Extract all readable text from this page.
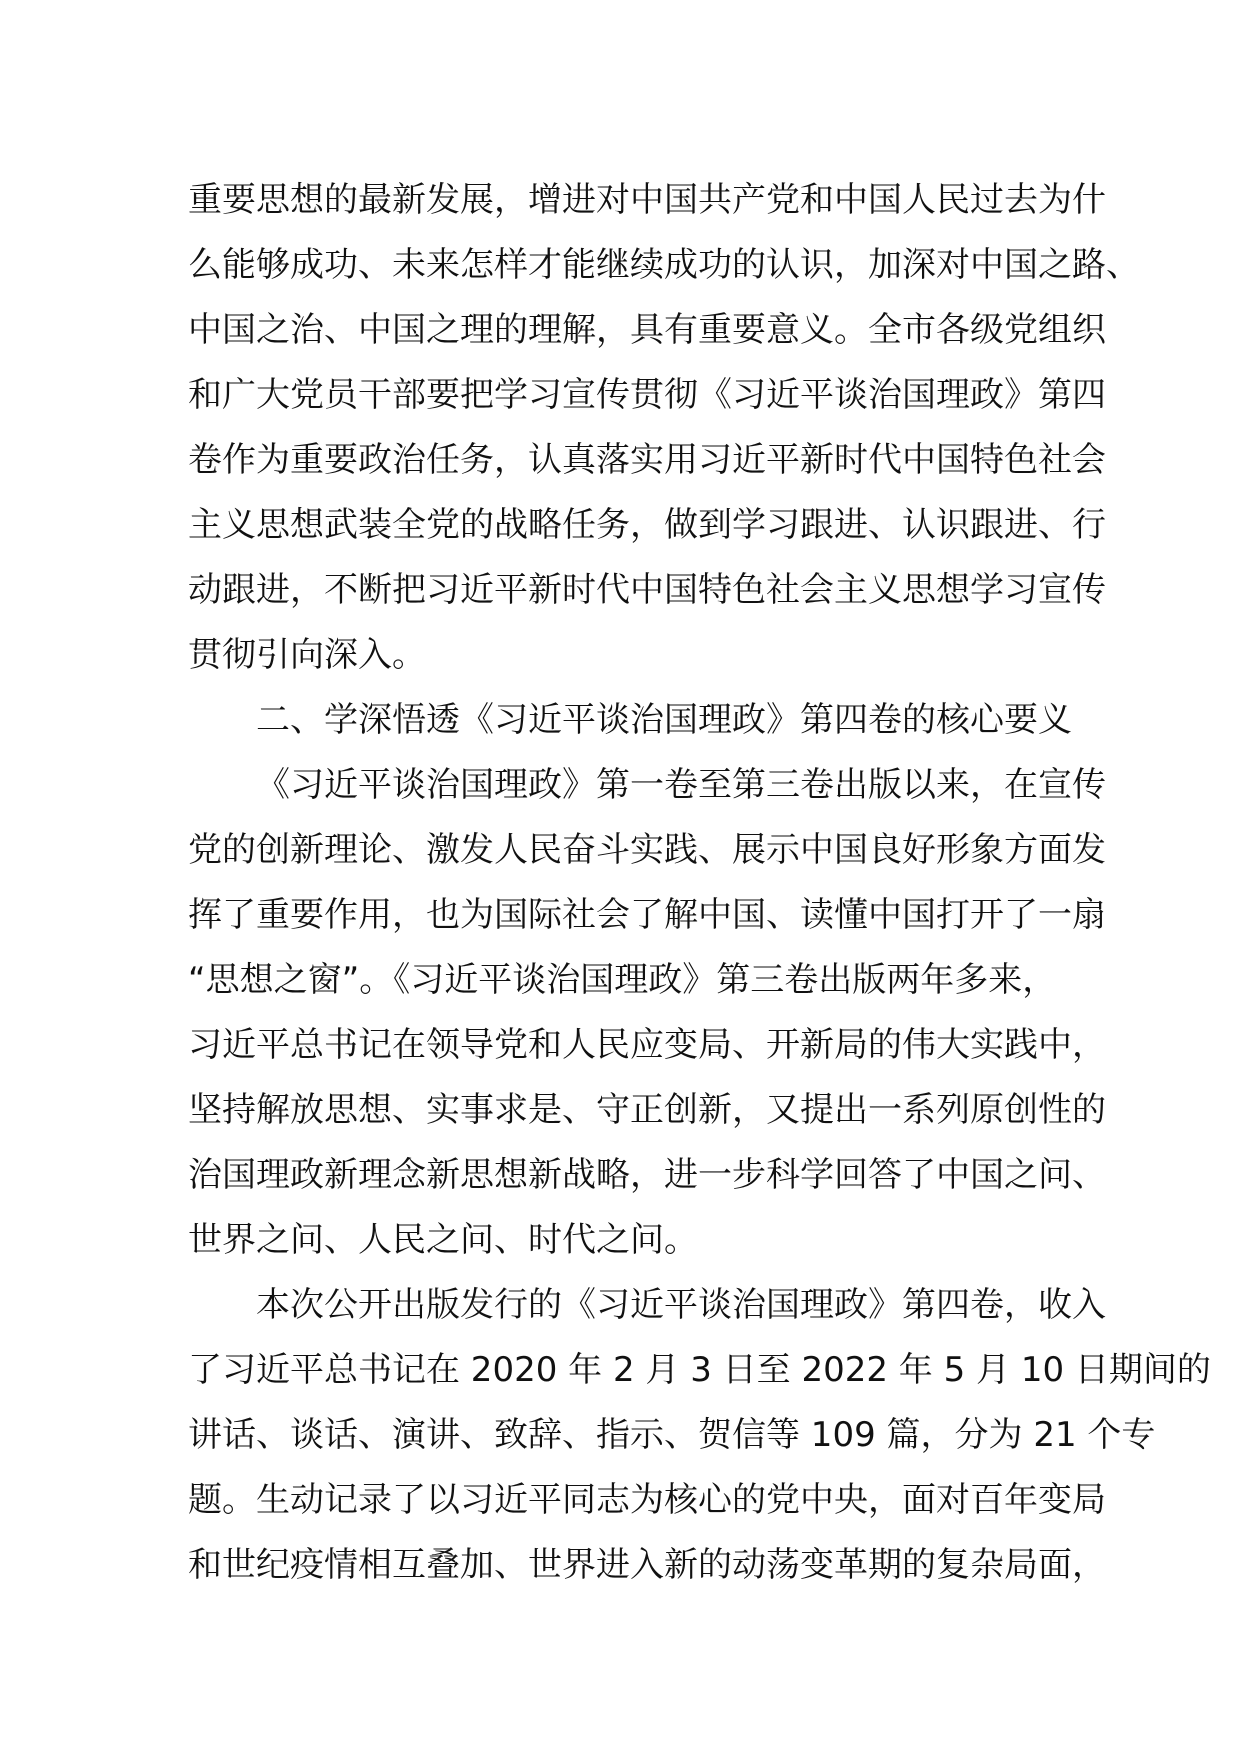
重要思想的最新发展，增进对中国共产党和中国人民过去为什
么能够成功、未来怎样才能继续成功的认识，加深对中国之路、
中国之治、中国之理的理解，具有重要意义。全市各级党组织
和广大党员干部要把学习宣传贯彻《习近平谈治国理政》第四
卷作为重要政治任务，认真落实用习近平新时代中国特色社会
主义思想武装全党的战略任务，做到学习跟进、认识跟进、行
动跟进，不断把习近平新时代中国特色社会主义思想学习宣传
贯彻引向深入。
二、学深悟透《习近平谈治国理政》第四卷的核心要义
《习近平谈治国理政》第一卷至第三卷出版以来，在宣传
党的创新理论、激发人民奋斗实践、展示中国良好形象方面发
挥了重要作用，也为国际社会了解中国、读懂中国打开了一扇
“思想之窗”。《习近平谈治国理政》第三卷出版两年多来，
习近平总书记在领导党和人民应变局、开新局的伟大实践中，
坚持解放思想、实事求是、守正创新，又提出一系列原创性的
治国理政新理念新思想新战略，进一步科学回答了中国之问、
世界之问、人民之问、时代之问。
本次公开出版发行的《习近平谈治国理政》第四卷，收入
了习近平总书记在 2020 年 2 月 3 日至 2022 年 5 月 10 日期间的
讲话、谈话、演讲、致辞、指示、贺信等 109 篇，分为 21 个专
题。生动记录了以习近平同志为核心的党中央，面对百年变局
和世纪疫情相互叠加、世界进入新的动荡变革期的复杂局面，
